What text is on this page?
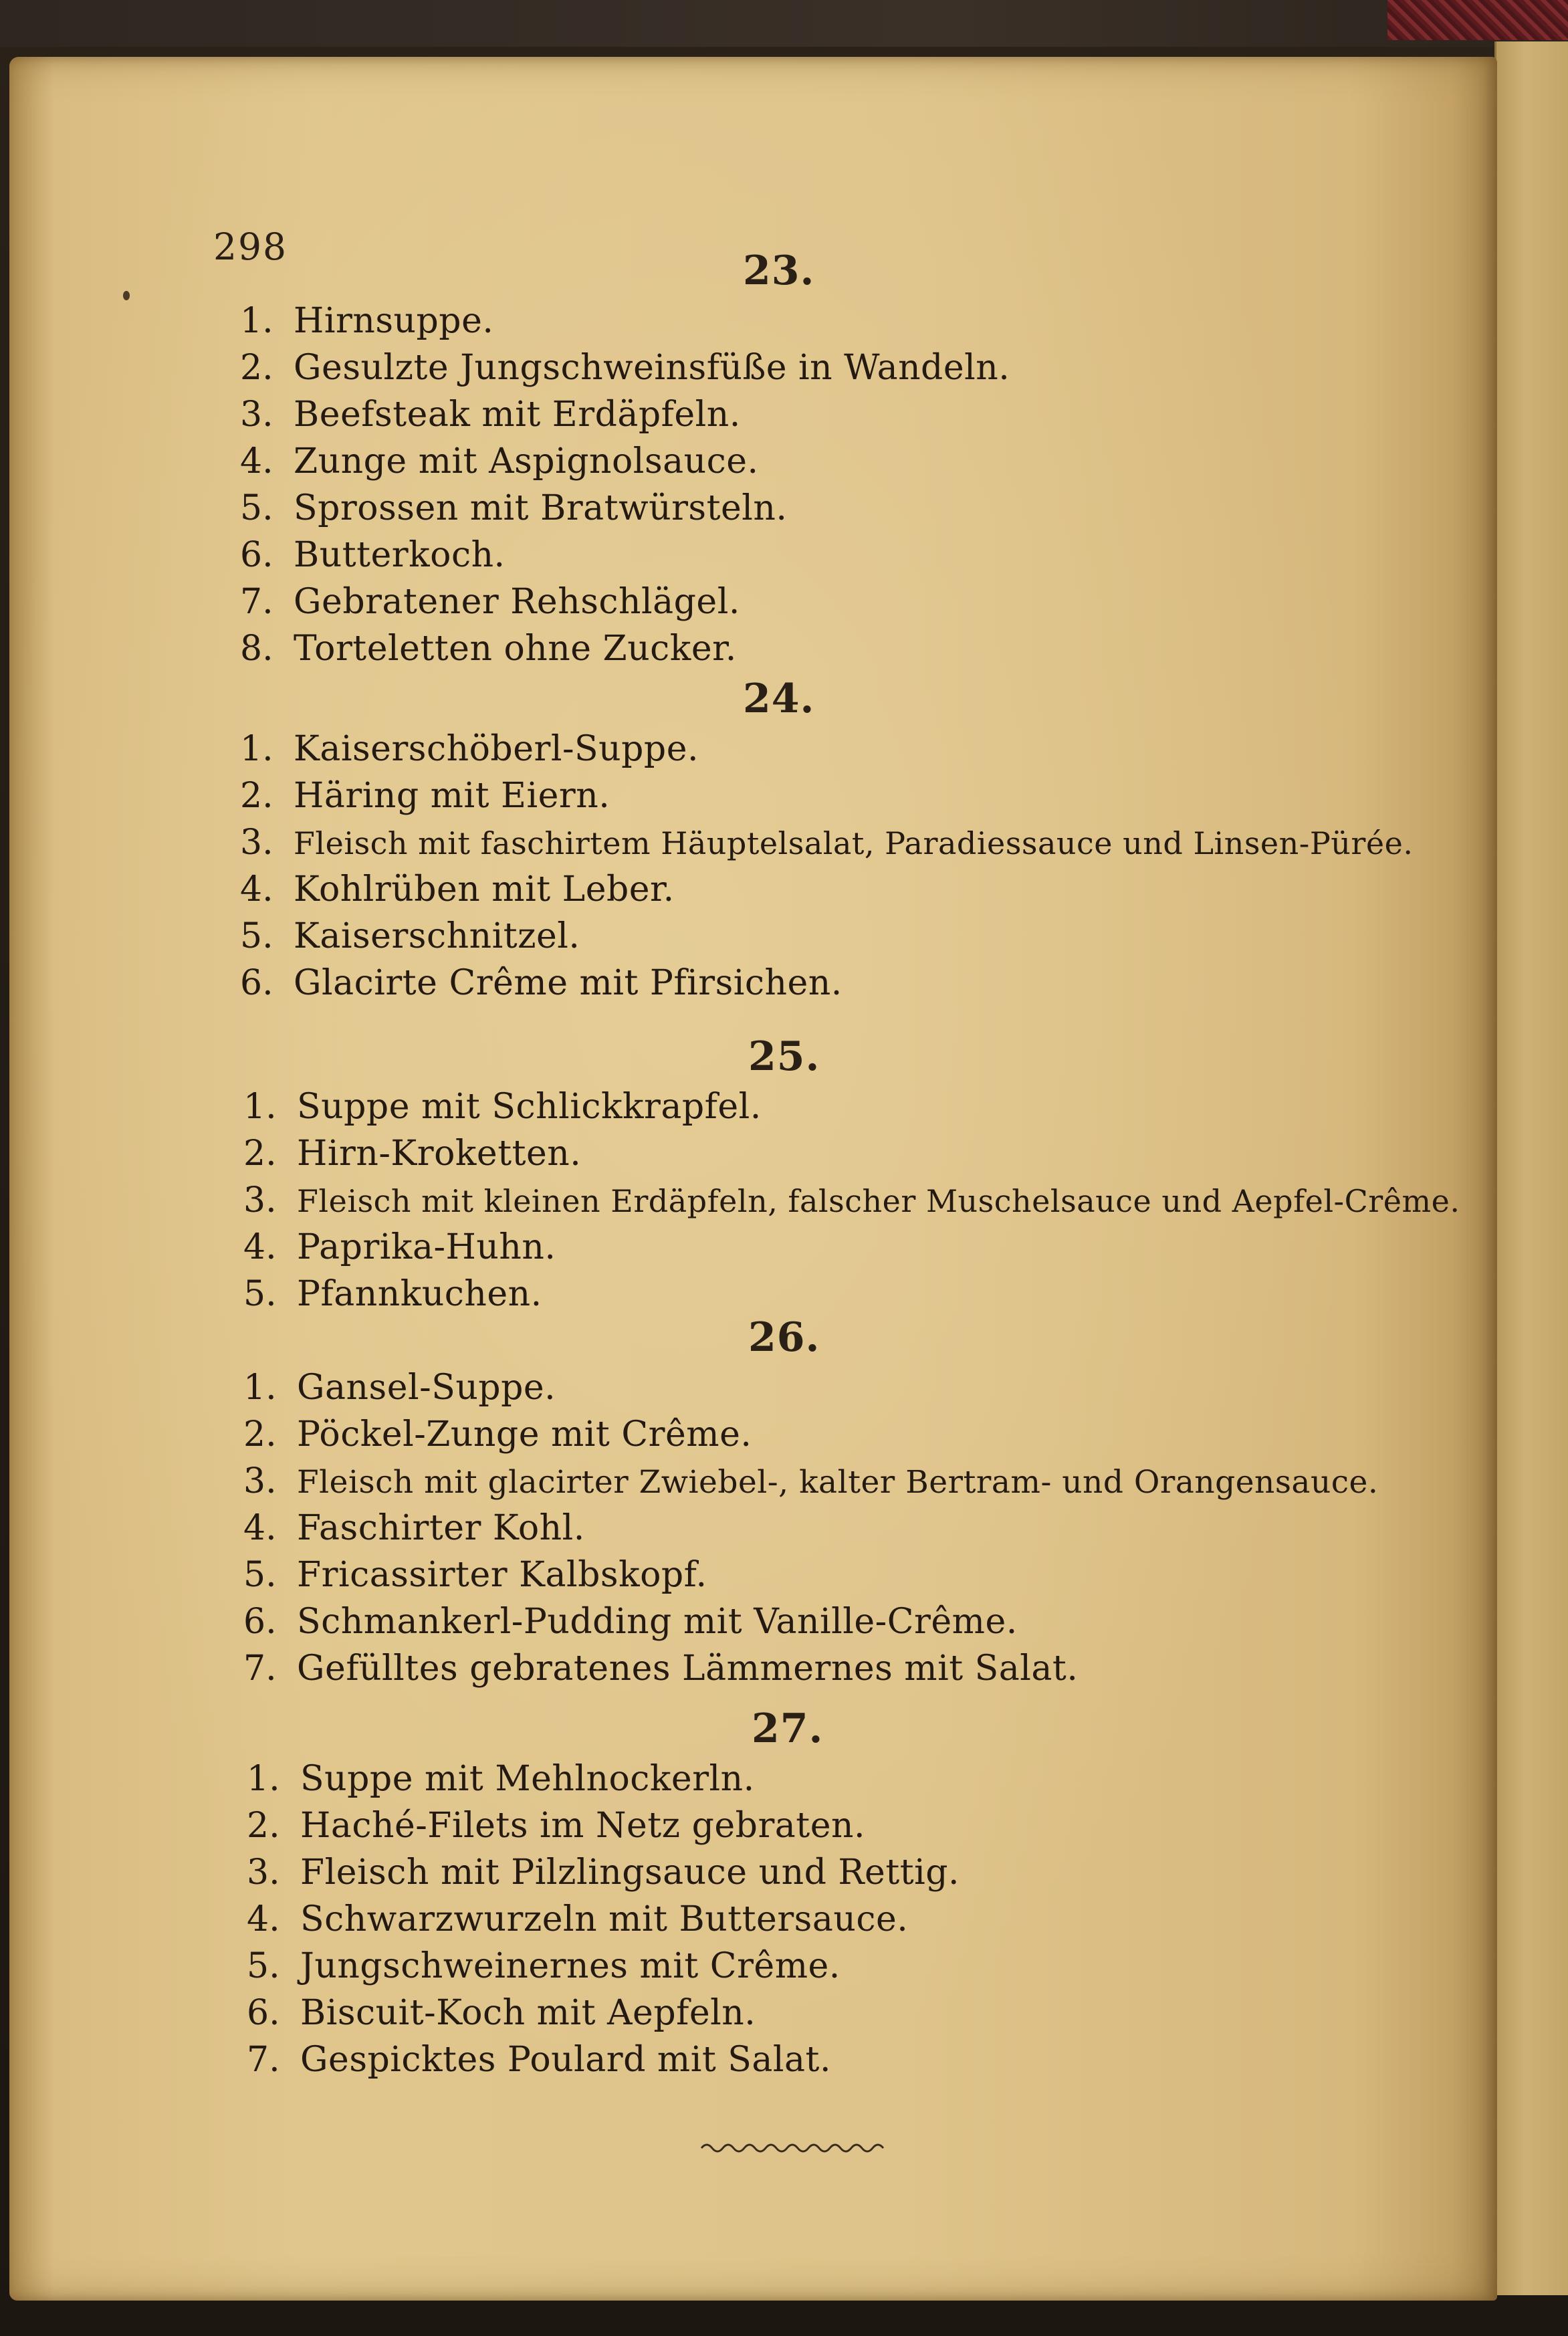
298
23.
1. Hirnsuppe.
2. Gesulzte Jungschweinsfüße in Wandeln.
3. Beefsteak mit Erdäpfeln.
4. Zunge mit Aspignolsauce.
5. Sprossen mit Bratwürsteln.
6. Butterkoch.
7. Gebratener Rehschlägel.
8. Torteletten ohne Zucker.
24.
1. Kaiserschöberl-Suppe.
2. Häring mit Eiern.
3. Fleisch mit faschirtem Häuptelsalat, Paradiessauce und Linsen-Pürée.
4. Kohlrüben mit Leber.
5. Kaiserschnitzel.
6. Glacirte Crême mit Pfirsichen.
25.
1. Suppe mit Schlickkrapfel.
2. Hirn-Kroketten.
3. Fleisch mit kleinen Erdäpfeln, falscher Muschelsauce und Aepfel-Crême.
4. Paprika-Huhn.
5. Pfannkuchen.
26.
1. Gansel-Suppe.
2. Pöckel-Zunge mit Crême.
3. Fleisch mit glacirter Zwiebel-, kalter Bertram- und Orangensauce.
4. Faschirter Kohl.
5. Fricassirter Kalbskopf.
6. Schmankerl-Pudding mit Vanille-Crême.
7. Gefülltes gebratenes Lämmernes mit Salat.
27.
1. Suppe mit Mehlnockerln.
2. Haché-Filets im Netz gebraten.
3. Fleisch mit Pilzlingsauce und Rettig.
4. Schwarzwurzeln mit Buttersauce.
5. Jungschweinernes mit Crême.
6. Biscuit-Koch mit Aepfeln.
7. Gespicktes Poulard mit Salat.
